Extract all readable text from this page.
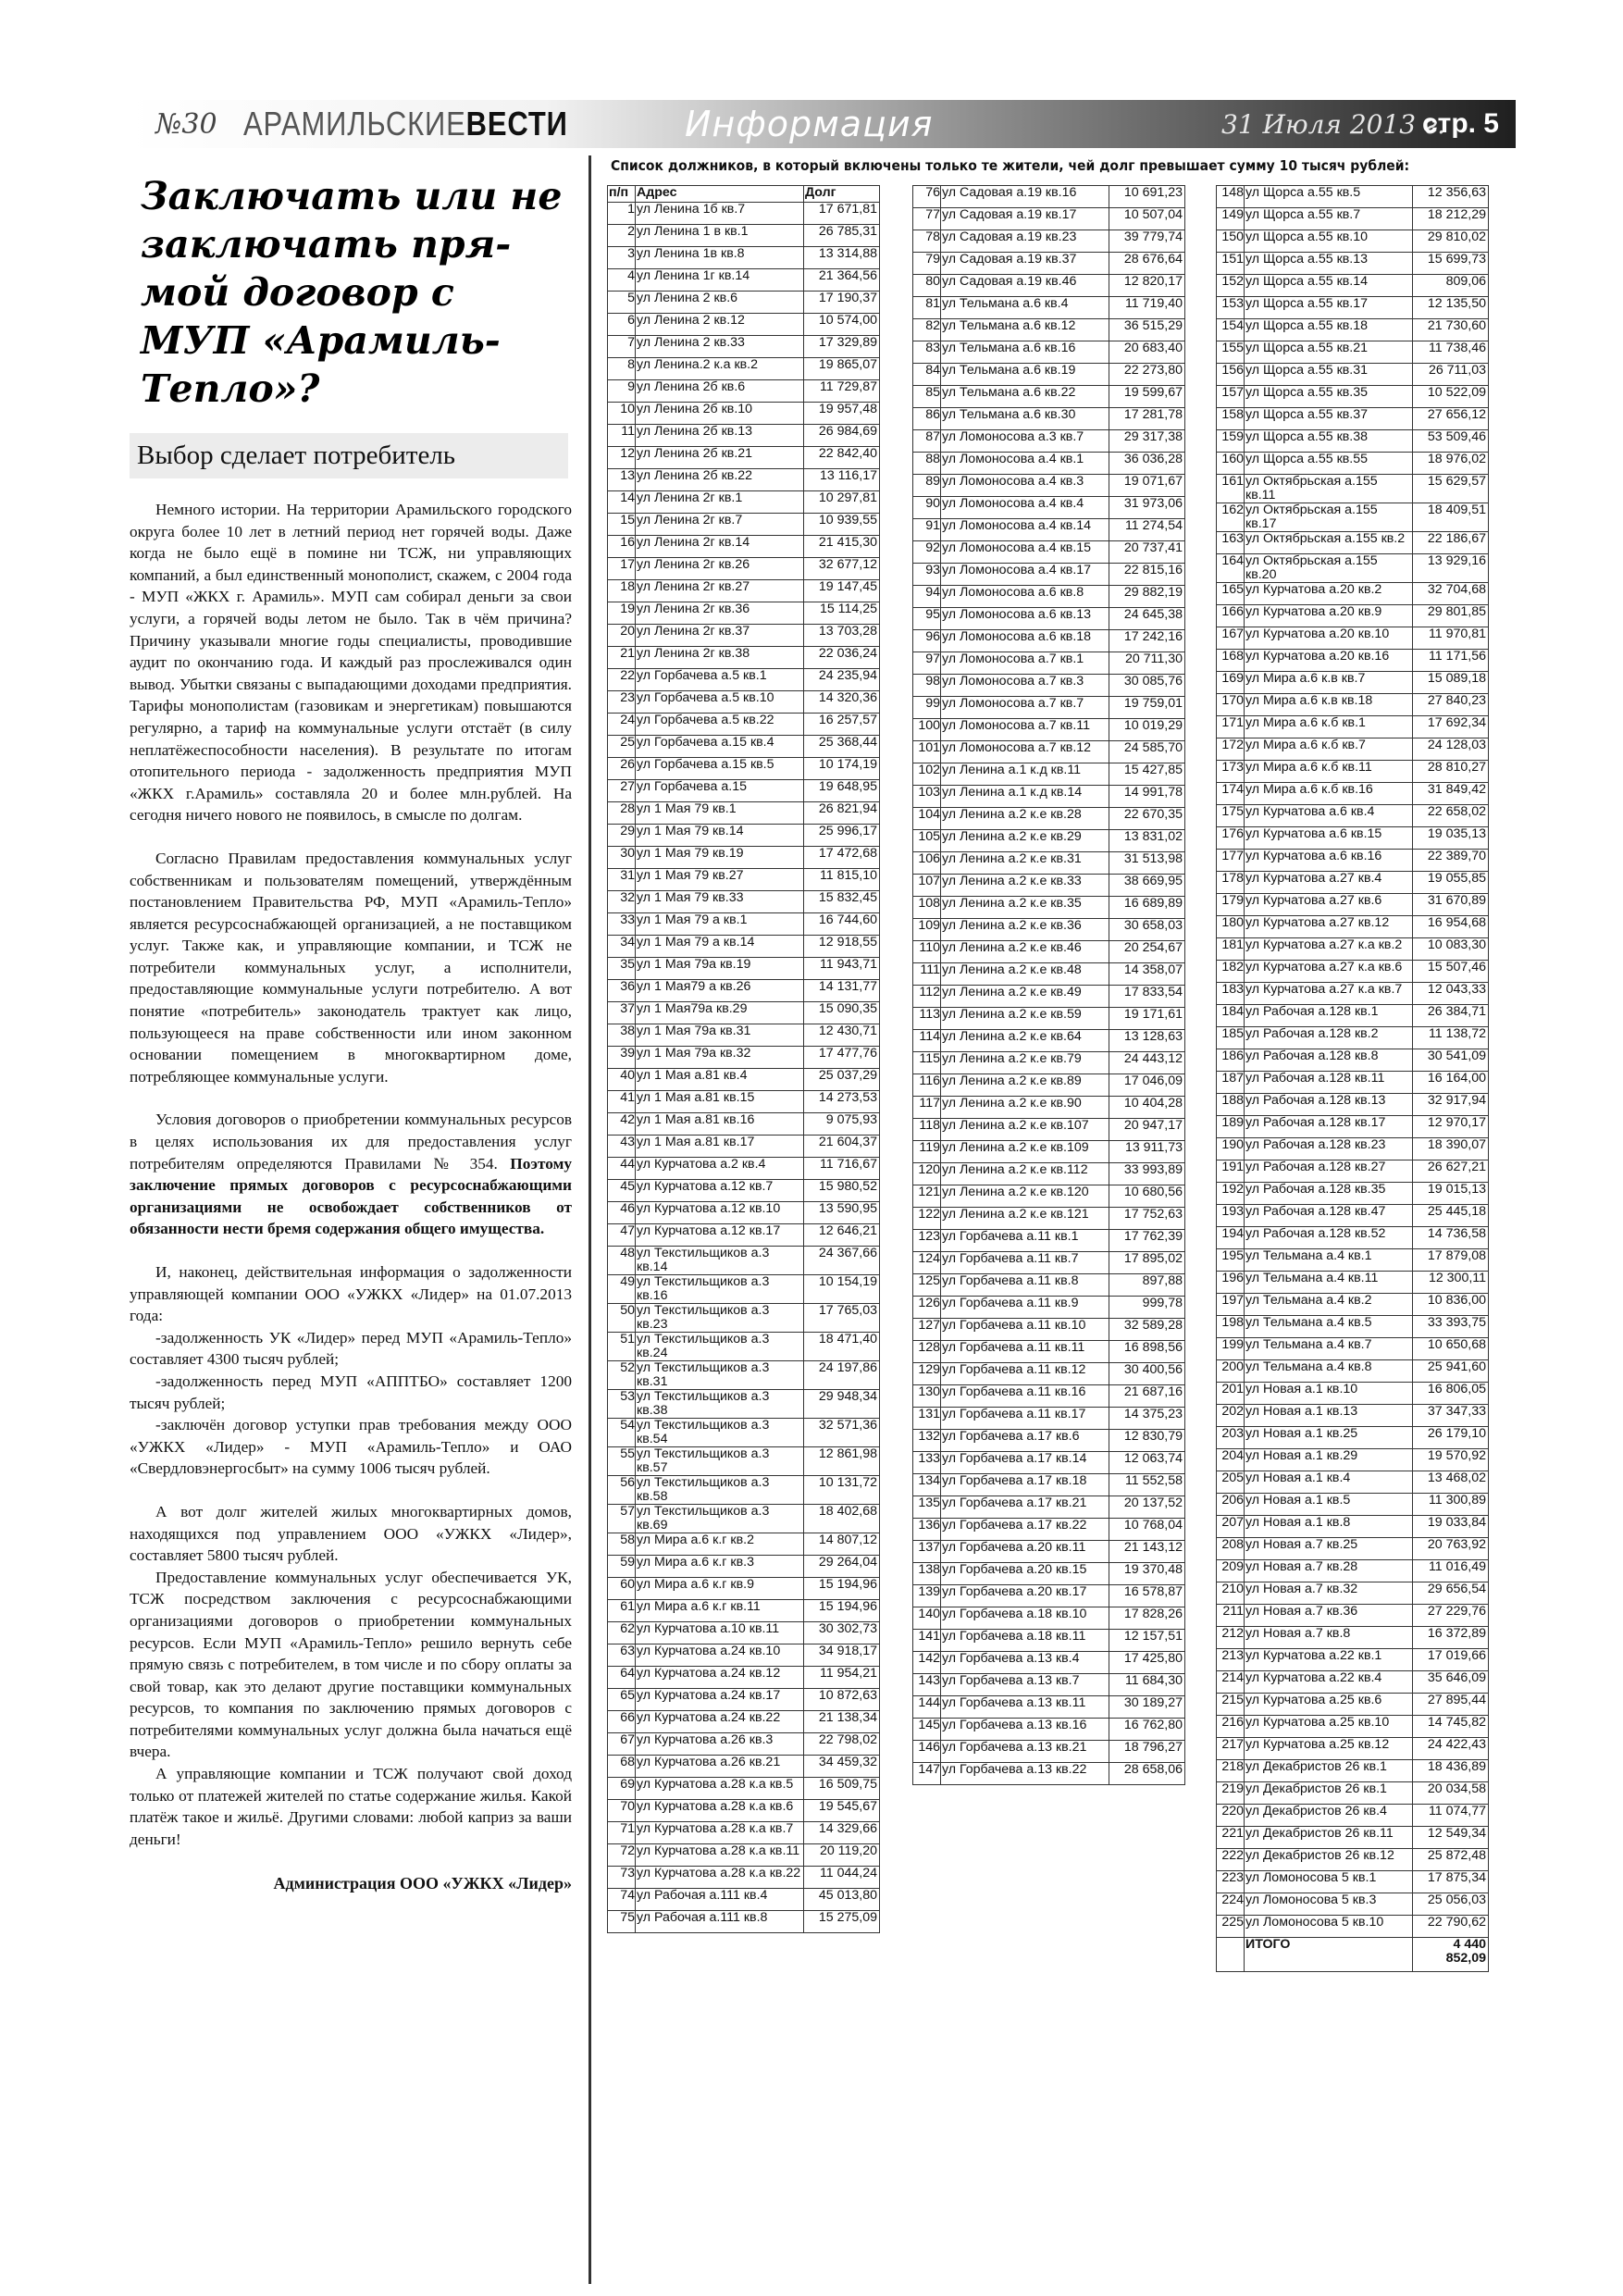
№30 АРАМИЛЬСКИЕВЕСТИ	Информация	31 Июля 2013 г.
стр. 5
Заключать или не заключать пря-мой договор с МУП «Арамиль-Тепло»?
Выбор сделает потребитель

Немного истории. На территории Арамильского городского округа более 10 лет в летний период нет горячей воды. Даже когда не было ещё в помине ни ТСЖ, ни управляющих компаний, а был единственный монополист, скажем, с 2004 года - МУП «ЖКХ г. Арамиль». МУП сам собирал деньги за свои услуги, а горячей воды летом не было. Так в чём причина? Причину указывали многие годы специалисты, проводившие аудит по окончанию года. И каждый раз прослеживался один вывод. Убытки связаны с выпадающими доходами предприятия. Тарифы монополистам (газовикам и энергетикам) повышаются регулярно, а тариф на коммунальные услуги отстаёт (в силу неплатёжеспособности населения). В результате по итогам отопительного периода - задолженность предприятия МУП «ЖКХ г.Арамиль» составляла 20 и более млн.рублей. На сегодня ничего нового не появилось, в смысле по долгам.

Согласно Правилам предоставления коммунальных услуг собственникам и пользователям помещений, утверждённым постановлением Правительства РФ, МУП «Арамиль-Тепло» является ресурсоснабжающей организацией, а не поставщиком услуг. Также как, и управляющие компании, и ТСЖ не потребители коммунальных услуг, а исполнители, предоставляющие коммунальные услуги потребителю. А вот понятие «потребитель» законодатель трактует как лицо, пользующееся на праве собственности или ином законном основании помещением в многоквартирном доме, потребляющее коммунальные услуги.

Условия договоров о приобретении коммунальных ресурсов в целях использования их для предоставления услуг потребителям определяются Правилами № 354. Поэтому заключение прямых договоров с ресурсоснабжающими организациями не освобождает собственников от обязанности нести бремя содержания общего имущества.

И, наконец, действительная информация о задолженности управляющей компании ООО «УЖКХ «Лидер» на 01.07.2013 года:

-задолженность УК «Лидер» перед МУП «Арамиль-Тепло» составляет 4300 тысяч рублей;

-задолженность перед МУП «АППТБО» составляет 1200 тысяч рублей;

-заключён договор уступки прав требования между ООО «УЖКХ «Лидер» - МУП «Арамиль-Тепло» и ОАО «Свердловэнергосбыт» на сумму 1006 тысяч рублей.

А вот долг жителей жилых многоквартирных домов, находящихся под управлением ООО «УЖКХ «Лидер», составляет 5800 тысяч рублей.

Предоставление коммунальных услуг обеспечивается УК, ТСЖ посредством заключения с ресурсоснабжающими организациями договоров о приобретении коммунальных ресурсов. Если МУП «Арамиль-Тепло» решило вернуть себе прямую связь с потребителем, в том числе и по сбору оплаты за свой товар, как это делают другие поставщики коммунальных ресурсов, то компания по заключению прямых договоров с потребителями коммунальных услуг должна была начаться ещё вчера.

А управляющие компании и ТСЖ получают свой доход только от платежей жителей по статье содержание жилья. Какой платёж такое и жильё. Другими словами: любой каприз за ваши деньги!

Администрация ООО «УЖКХ «Лидер»
Список должников, в который включены только те жители, чей долг превышает сумму 10 тысяч рублей:
п/п	Адрес	Долг
1	ул Ленина 1б кв.7	17 671,81
2	ул Ленина 1 в кв.1	26 785,31
3	ул Ленина 1в кв.8	13 314,88
4	ул Ленина 1г кв.14	21 364,56
5	ул Ленина 2 кв.6	17 190,37
6	ул Ленина 2 кв.12	10 574,00
7	ул Ленина 2 кв.33	17 329,89
8	ул Ленина.2 к.а кв.2	19 865,07
9	ул Ленина 2б кв.6	11 729,87
10	ул Ленина 2б кв.10	19 957,48
11	ул Ленина 2б кв.13	26 984,69
12	ул Ленина 2б кв.21	22 842,40
13	ул Ленина 2б кв.22	13 116,17
14	ул Ленина 2г кв.1	10 297,81
15	ул Ленина 2г кв.7	10 939,55
16	ул Ленина 2г кв.14	21 415,30
17	ул Ленина 2г кв.26	32 677,12
18	ул Ленина 2г кв.27	19 147,45
19	ул Ленина 2г кв.36	15 114,25
20	ул Ленина 2г кв.37	13 703,28
21	ул Ленина 2г кв.38	22 036,24
22	ул Горбачева а.5 кв.1	24 235,94
23	ул Горбачева а.5 кв.10	14 320,36
24	ул Горбачева а.5 кв.22	16 257,57
25	ул Горбачева а.15 кв.4	25 368,44
26	ул Горбачева а.15 кв.5	10 174,19
27	ул Горбачева а.15	19 648,95
28	ул 1 Мая 79 кв.1	26 821,94
29	ул 1 Мая 79 кв.14	25 996,17
30	ул 1 Мая 79 кв.19	17 472,68
31	ул 1 Мая 79 кв.27	11 815,10
32	ул 1 Мая 79 кв.33	15 832,45
33	ул 1 Мая 79 а кв.1	16 744,60
34	ул 1 Мая 79 а кв.14	12 918,55
35	ул 1 Мая 79а кв.19	11 943,71
36	ул 1 Мая79 а кв.26	14 131,77
37	ул 1 Мая79а кв.29	15 090,35
38	ул 1 Мая 79а кв.31	12 430,71
39	ул 1 Мая 79а кв.32	17 477,76
40	ул 1 Мая а.81 кв.4	25 037,29
41	ул 1 Мая а.81 кв.15	14 273,53
42	ул 1 Мая а.81 кв.16	9 075,93
43	ул 1 Мая а.81 кв.17	21 604,37
44	ул Курчатова а.2 кв.4	11 716,67
45	ул Курчатова а.12 кв.7	15 980,52
46	ул Курчатова а.12 кв.10	13 590,95
47	ул Курчатова а.12 кв.17	12 646,21
48	ул Текстильщиков а.3 кв.14	24 367,66
49	ул Текстильщиков а.3 кв.16	10 154,19
50	ул Текстильщиков а.3 кв.23	17 765,03
51	ул Текстильщиков а.3 кв.24	18 471,40
52	ул Текстильщиков а.3 кв.31	24 197,86
53	ул Текстильщиков а.3 кв.38	29 948,34
54	ул Текстильщиков а.3 кв.54	32 571,36
55	ул Текстильщиков а.3 кв.57	12 861,98
56	ул Текстильщиков а.3 кв.58	10 131,72
57	ул Текстильщиков а.3 кв.69	18 402,68
58	ул Мира а.6 к.г кв.2	14 807,12
59	ул Мира а.6 к.г кв.3	29 264,04
60	ул Мира а.6 к.г кв.9	15 194,96
61	ул Мира а.6 к.г кв.11	15 194,96
62	ул Курчатова а.10 кв.11	30 302,73
63	ул Курчатова а.24 кв.10	34 918,17
64	ул Курчатова а.24 кв.12	11 954,21
65	ул Курчатова а.24 кв.17	10 872,63
66	ул Курчатова а.24 кв.22	21 138,34
67	ул Курчатова а.26 кв.3	22 798,02
68	ул Курчатова а.26 кв.21	34 459,32
69	ул Курчатова а.28 к.а кв.5	16 509,75
70	ул Курчатова а.28 к.а кв.6	19 545,67
71	ул Курчатова а.28 к.а кв.7	14 329,66
72	ул Курчатова а.28 к.а кв.11	20 119,20
73	ул Курчатова а.28 к.а кв.22	11 044,24
74	ул Рабочая а.111 кв.4	45 013,80
75	ул Рабочая а.111 кв.8	15 275,09
76	ул Садовая а.19 кв.16	10 691,23
77	ул Садовая а.19 кв.17	10 507,04
78	ул Садовая а.19 кв.23	39 779,74
79	ул Садовая а.19 кв.37	28 676,64
80	ул Садовая а.19 кв.46	12 820,17
81	ул Тельмана а.6 кв.4	11 719,40
82	ул Тельмана а.6 кв.12	36 515,29
83	ул Тельмана а.6 кв.16	20 683,40
84	ул Тельмана а.6 кв.19	22 273,80
85	ул Тельмана а.6 кв.22	19 599,67
86	ул Тельмана а.6 кв.30	17 281,78
87	ул Ломоносова а.3 кв.7	29 317,38
88	ул Ломоносова а.4 кв.1	36 036,28
89	ул Ломоносова а.4 кв.3	19 071,67
90	ул Ломоносова а.4 кв.4	31 973,06
91	ул Ломоносова а.4 кв.14	11 274,54
92	ул Ломоносова а.4 кв.15	20 737,41
93	ул Ломоносова а.4 кв.17	22 815,16
94	ул Ломоносова а.6 кв.8	29 882,19
95	ул Ломоносова а.6 кв.13	24 645,38
96	ул Ломоносова а.6 кв.18	17 242,16
97	ул Ломоносова а.7 кв.1	20 711,30
98	ул Ломоносова а.7 кв.3	30 085,76
99	ул Ломоносова а.7 кв.7	19 759,01
100	ул Ломоносова а.7 кв.11	10 019,29
101	ул Ломоносова а.7 кв.12	24 585,70
102	ул Ленина а.1 к.д кв.11	15 427,85
103	ул Ленина а.1 к.д кв.14	14 991,78
104	ул Ленина а.2 к.е кв.28	22 670,35
105	ул Ленина а.2 к.е кв.29	13 831,02
106	ул Ленина а.2 к.е кв.31	31 513,98
107	ул Ленина а.2 к.е кв.33	38 669,95
108	ул Ленина а.2 к.е кв.35	16 689,89
109	ул Ленина а.2 к.е кв.36	30 658,03
110	ул Ленина а.2 к.е кв.46	20 254,67
111	ул Ленина а.2 к.е кв.48	14 358,07
112	ул Ленина а.2 к.е кв.49	17 833,54
113	ул Ленина а.2 к.е кв.59	19 171,61
114	ул Ленина а.2 к.е кв.64	13 128,63
115	ул Ленина а.2 к.е кв.79	24 443,12
116	ул Ленина а.2 к.е кв.89	17 046,09
117	ул Ленина а.2 к.е кв.90	10 404,28
118	ул Ленина а.2 к.е кв.107	20 947,17
119	ул Ленина а.2 к.е кв.109	13 911,73
120	ул Ленина а.2 к.е кв.112	33 993,89
121	ул Ленина а.2 к.е кв.120	10 680,56
122	ул Ленина а.2 к.е кв.121	17 752,63
123	ул Горбачева а.11 кв.1	17 762,39
124	ул Горбачева а.11 кв.7	17 895,02
125	ул Горбачева а.11 кв.8	897,88
126	ул Горбачева а.11 кв.9	999,78
127	ул Горбачева а.11 кв.10	32 589,28
128	ул Горбачева а.11 кв.11	16 898,56
129	ул Горбачева а.11 кв.12	30 400,56
130	ул Горбачева а.11 кв.16	21 687,16
131	ул Горбачева а.11 кв.17	14 375,23
132	ул Горбачева а.17 кв.6	12 830,79
133	ул Горбачева а.17 кв.14	12 063,74
134	ул Горбачева а.17 кв.18	11 552,58
135	ул Горбачева а.17 кв.21	20 137,52
136	ул Горбачева а.17 кв.22	10 768,04
137	ул Горбачева а.20 кв.11	21 143,12
138	ул Горбачева а.20 кв.15	19 370,48
139	ул Горбачева а.20 кв.17	16 578,87
140	ул Горбачева а.18 кв.10	17 828,26
141	ул Горбачева а.18 кв.11	12 157,51
142	ул Горбачева а.13 кв.4	17 425,80
143	ул Горбачева а.13 кв.7	11 684,30
144	ул Горбачева а.13 кв.11	30 189,27
145	ул Горбачева а.13 кв.16	16 762,80
146	ул Горбачева а.13 кв.21	18 796,27
147	ул Горбачева а.13 кв.22	28 658,06
148	ул Щорса а.55 кв.5	12 356,63
149	ул Щорса а.55 кв.7	18 212,29
150	ул Щорса а.55 кв.10	29 810,02
151	ул Щорса а.55 кв.13	15 699,73
152	ул Щорса а.55 кв.14	809,06
153	ул Щорса а.55 кв.17	12 135,50
154	ул Щорса а.55 кв.18	21 730,60
155	ул Щорса а.55 кв.21	11 738,46
156	ул Щорса а.55 кв.31	26 711,03
157	ул Щорса а.55 кв.35	10 522,09
158	ул Щорса а.55 кв.37	27 656,12
159	ул Щорса а.55 кв.38	53 509,46
160	ул Щорса а.55 кв.55	18 976,02
161	ул Октябрьская а.155 кв.11	15 629,57
162	ул Октябрьская а.155 кв.17	18 409,51
163	ул Октябрьская а.155 кв.2	22 186,67
164	ул Октябрьская а.155 кв.20	13 929,16
165	ул Курчатова а.20 кв.2	32 704,68
166	ул Курчатова а.20 кв.9	29 801,85
167	ул Курчатова а.20 кв.10	11 970,81
168	ул Курчатова а.20 кв.16	11 171,56
169	ул Мира а.6 к.в кв.7	15 089,18
170	ул Мира а.6 к.в кв.18	27 840,23
171	ул Мира а.6 к.б кв.1	17 692,34
172	ул Мира а.6 к.б кв.7	24 128,03
173	ул Мира а.6 к.б кв.11	28 810,27
174	ул Мира а.6 к.б кв.16	31 849,42
175	ул Курчатова а.6 кв.4	22 658,02
176	ул Курчатова а.6 кв.15	19 035,13
177	ул Курчатова а.6 кв.16	22 389,70
178	ул Курчатова а.27 кв.4	19 055,85
179	ул Курчатова а.27 кв.6	31 670,89
180	ул Курчатова а.27 кв.12	16 954,68
181	ул Курчатова а.27 к.а кв.2	10 083,30
182	ул Курчатова а.27 к.а кв.6	15 507,46
183	ул Курчатова а.27 к.а кв.7	12 043,33
184	ул Рабочая а.128 кв.1	26 384,71
185	ул Рабочая а.128 кв.2	11 138,72
186	ул Рабочая а.128 кв.8	30 541,09
187	ул Рабочая а.128 кв.11	16 164,00
188	ул Рабочая а.128 кв.13	32 917,94
189	ул Рабочая а.128 кв.17	12 970,17
190	ул Рабочая а.128 кв.23	18 390,07
191	ул Рабочая а.128 кв.27	26 627,21
192	ул Рабочая а.128 кв.35	19 015,13
193	ул Рабочая а.128 кв.47	25 445,18
194	ул Рабочая а.128 кв.52	14 736,58
195	ул Тельмана а.4 кв.1	17 879,08
196	ул Тельмана а.4 кв.11	12 300,11
197	ул Тельмана а.4 кв.2	10 836,00
198	ул Тельмана а.4 кв.5	33 393,75
199	ул Тельмана а.4 кв.7	10 650,68
200	ул Тельмана а.4 кв.8	25 941,60
201	ул Новая а.1 кв.10	16 806,05
202	ул Новая а.1 кв.13	37 347,33
203	ул Новая а.1 кв.25	26 179,10
204	ул Новая а.1 кв.29	19 570,92
205	ул Новая а.1 кв.4	13 468,02
206	ул Новая а.1 кв.5	11 300,89
207	ул Новая а.1 кв.8	19 033,84
208	ул Новая а.7 кв.25	20 763,92
209	ул Новая а.7 кв.28	11 016,49
210	ул Новая а.7 кв.32	29 656,54
211	ул Новая а.7 кв.36	27 229,76
212	ул Новая а.7 кв.8	16 372,89
213	ул Курчатова а.22 кв.1	17 019,66
214	ул Курчатова а.22 кв.4	35 646,09
215	ул Курчатова а.25 кв.6	27 895,44
216	ул Курчатова а.25 кв.10	14 745,82
217	ул Курчатова а.25 кв.12	24 422,43
218	ул Декабристов 26 кв.1	18 436,89
219	ул Декабристов 26 кв.1	20 034,58
220	ул Декабристов 26 кв.4	11 074,77
221	ул Декабристов 26 кв.11	12 549,34
222	ул Декабристов 26 кв.12	25 872,48
223	ул Ломоносова 5 кв.1	17 875,34
224	ул Ломоносова 5 кв.3	25 056,03
225	ул Ломоносова 5 кв.10	22 790,62
	ИТОГО	4 440 852,09
